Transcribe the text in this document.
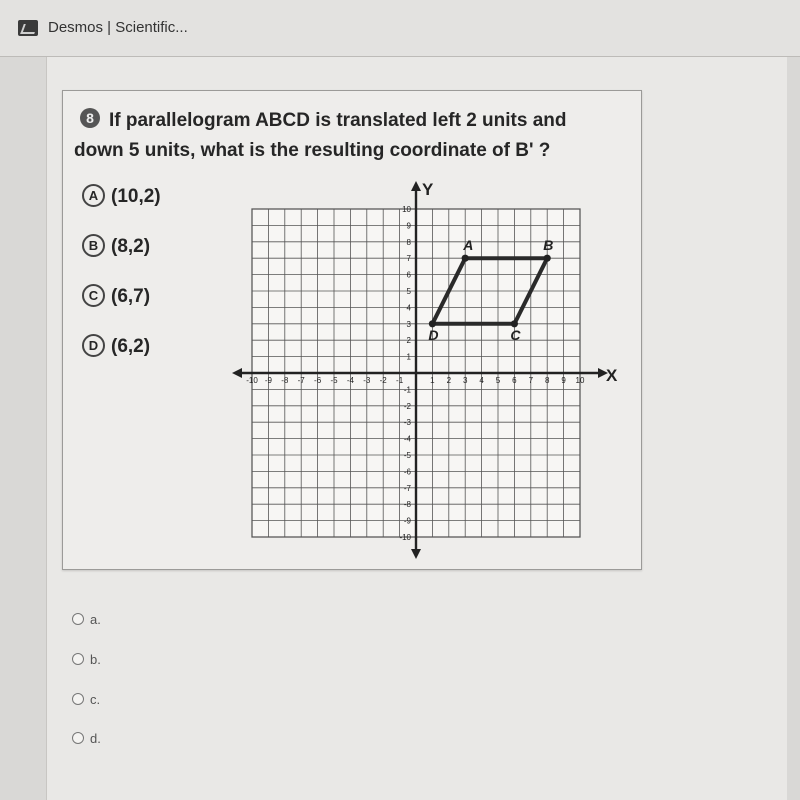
Desmos | Scientific...
8 If parallelogram ABCD is translated left 2 units and
down 5 units, what is the resulting coordinate of B' ?
A (10,2)
B (8,2)
C (6,7)
D (6,2)
-10
-10
-9
-9
-8
-8
-7
-7
-6
-6
-5
-5
-4
-4
-3
-3
-2
-2
-1
-1
1
1
2
2
3
3
4
4
5
5
6
6
7
7
8
8
9
9
10
10
A	B
C
D
X
Y
a.
b.
c.
d.
